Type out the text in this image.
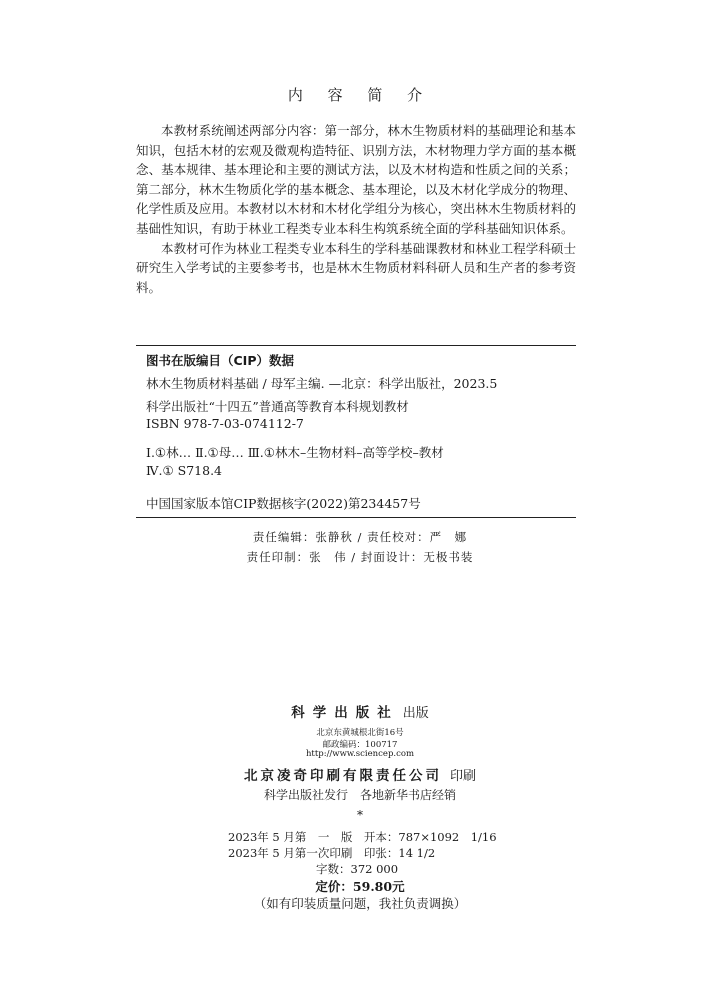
内 容 简 介

本教材系统阐述两部分内容：第一部分，林木生物质材料的基础理论和基本知识，包括木材的宏观及微观构造特征、识别方法，木材物理力学方面的基本概念、基本规律、基本理论和主要的测试方法，以及木材构造和性质之间的关系；第二部分，林木生物质化学的基本概念、基本理论，以及木材化学成分的物理、化学性质及应用。本教材以木材和木材化学组分为核心，突出林木生物质材料的基础性知识，有助于林业工程类专业本科生构筑系统全面的学科基础知识体系。

本教材可作为林业工程类专业本科生的学科基础课教材和林业工程学科硕士研究生入学考试的主要参考书，也是林木生物质材料科研人员和生产者的参考资料。

图书在版编目（CIP）数据
林木生物质材料基础 / 母军主编. —北京：科学出版社，2023.5
科学出版社“十四五”普通高等教育本科规划教材
ISBN 978-7-03-074112-7
Ⅰ.①林… Ⅱ.①母… Ⅲ.①林木–生物材料–高等学校–教材
Ⅳ.① S718.4
中国国家版本馆CIP数据核字(2022)第234457号
责任编辑：张静秋 / 责任校对：严　娜
责任印制：张　伟 / 封面设计：无极书装
科学出版社 出版
北京东黄城根北街16号
邮政编码：100717
http://www.sciencep.com
北京凌奇印刷有限责任公司 印刷
科学出版社发行　各地新华书店经销
*
2023年 5 月第　一　版　开本：787×1092　1/16
2023年 5 月第一次印刷　印张：14 1/2
字数：372 000
定价：59.80元
（如有印装质量问题，我社负责调换）
